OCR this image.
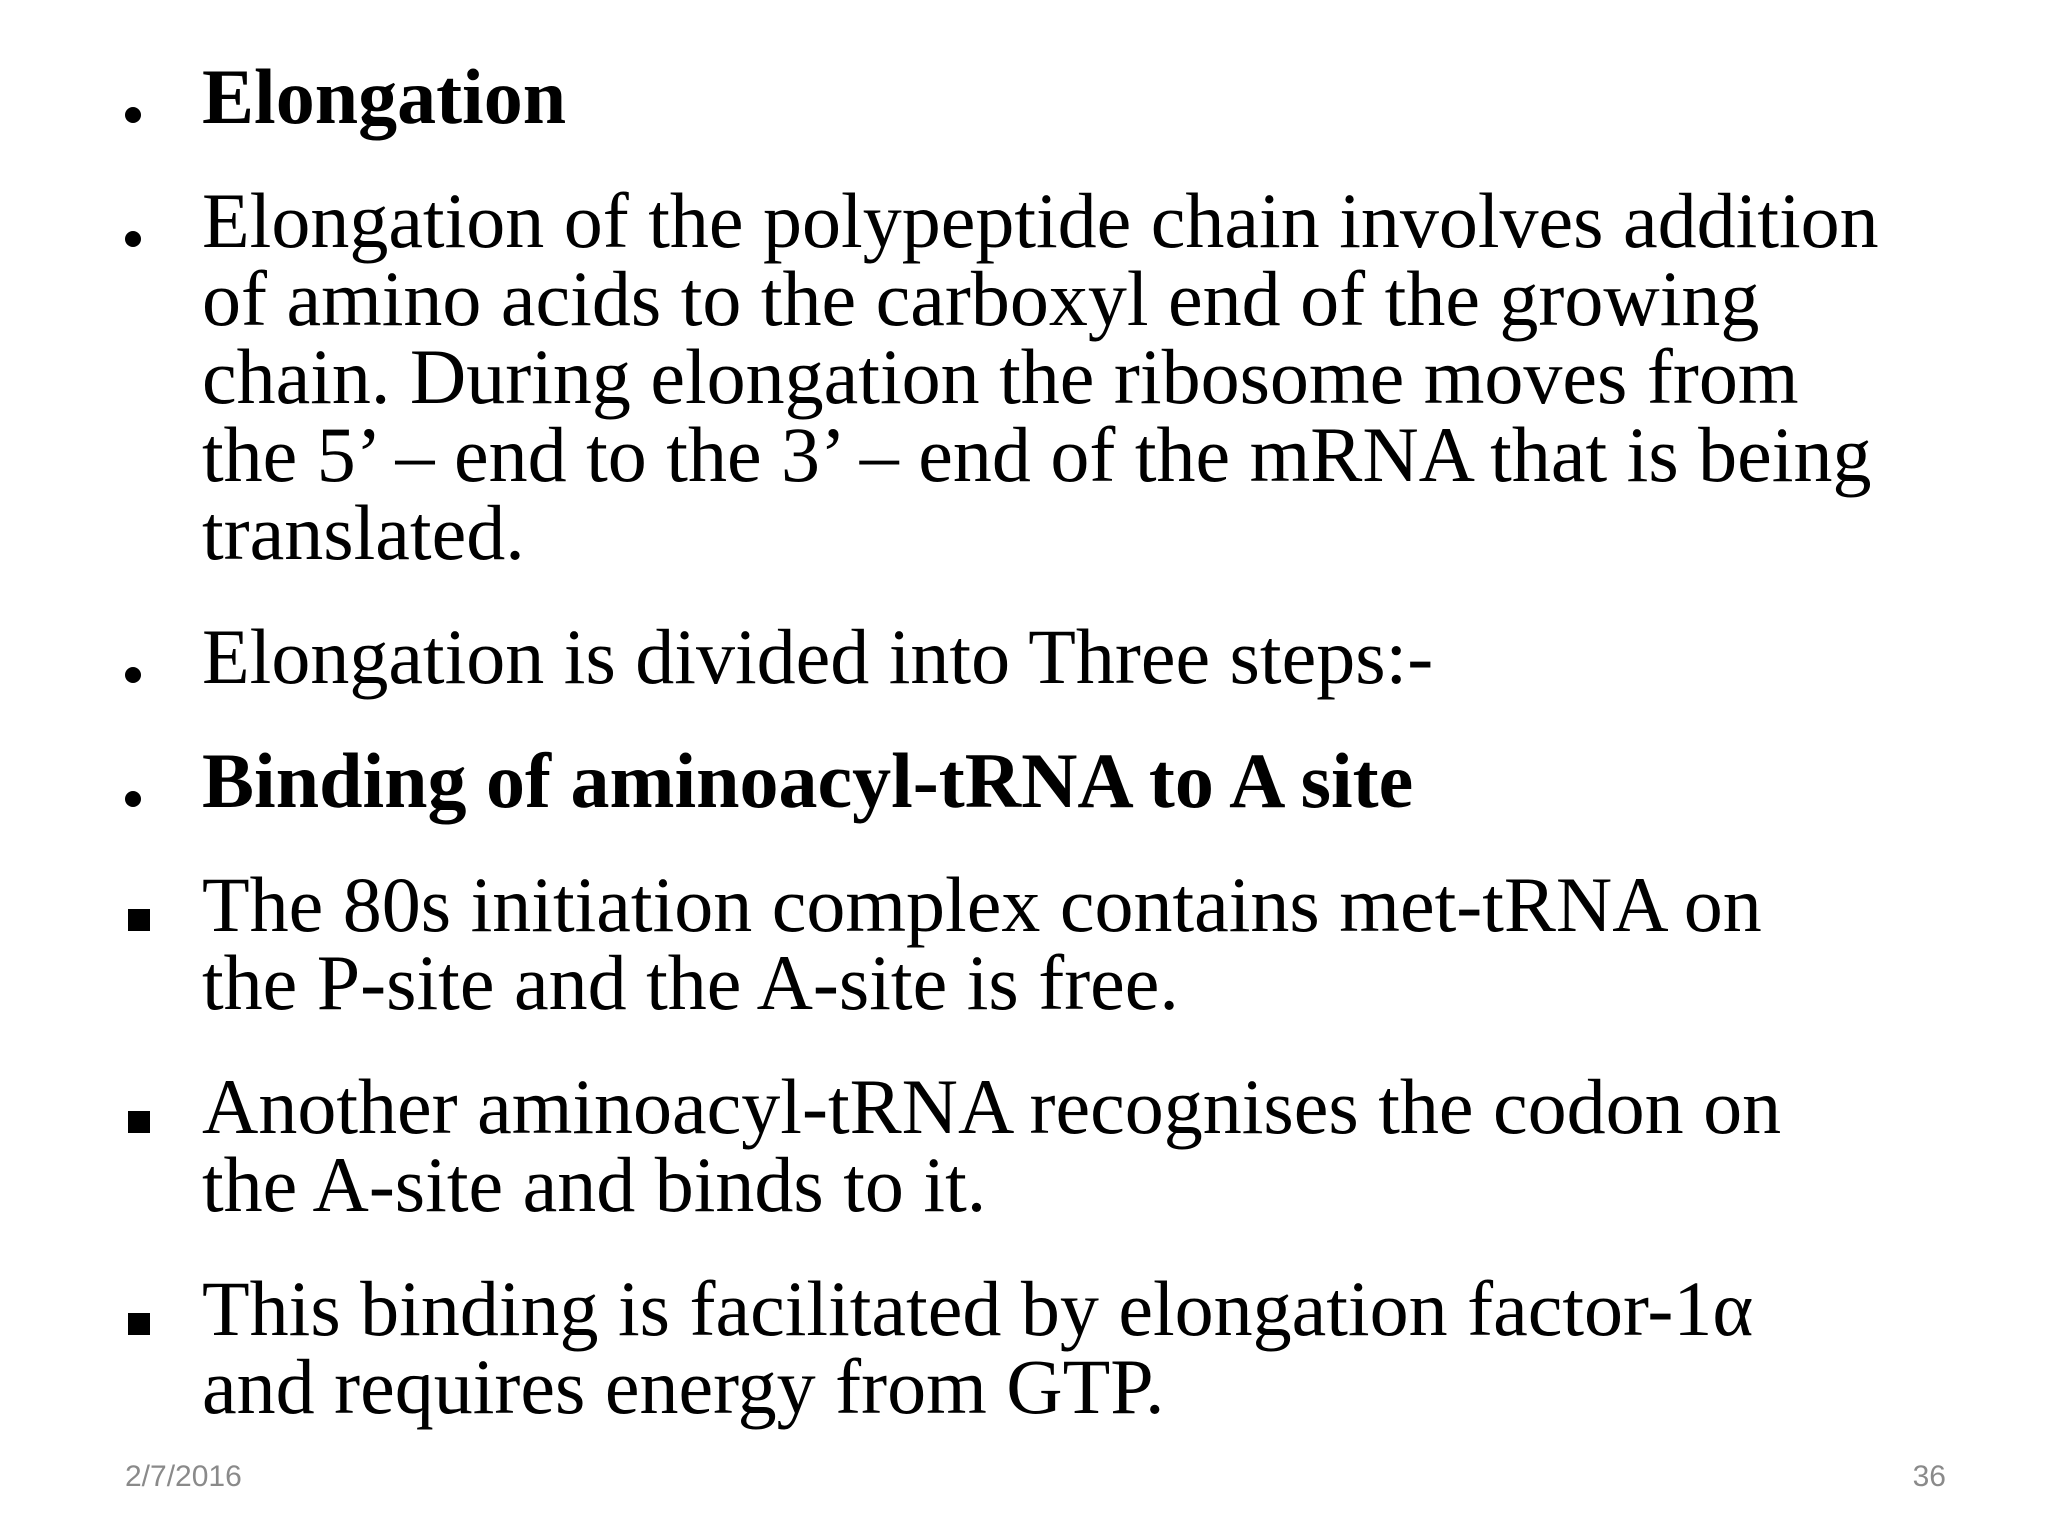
Elongation
Elongation of the polypeptide chain involves addition
of amino acids to the carboxyl end of the growing
chain. During elongation the ribosome moves from
the 5’ – end to the 3’ – end of the mRNA that is being
translated.
Elongation is divided into Three steps:-
Binding of aminoacyl-tRNA to A site
The 80s initiation complex contains met-tRNA on
the P-site and the A-site is free.
Another aminoacyl-tRNA recognises the codon on
the A-site and binds to it.
This binding is facilitated by elongation factor-1α
and requires energy from GTP.
2/7/2016	36
